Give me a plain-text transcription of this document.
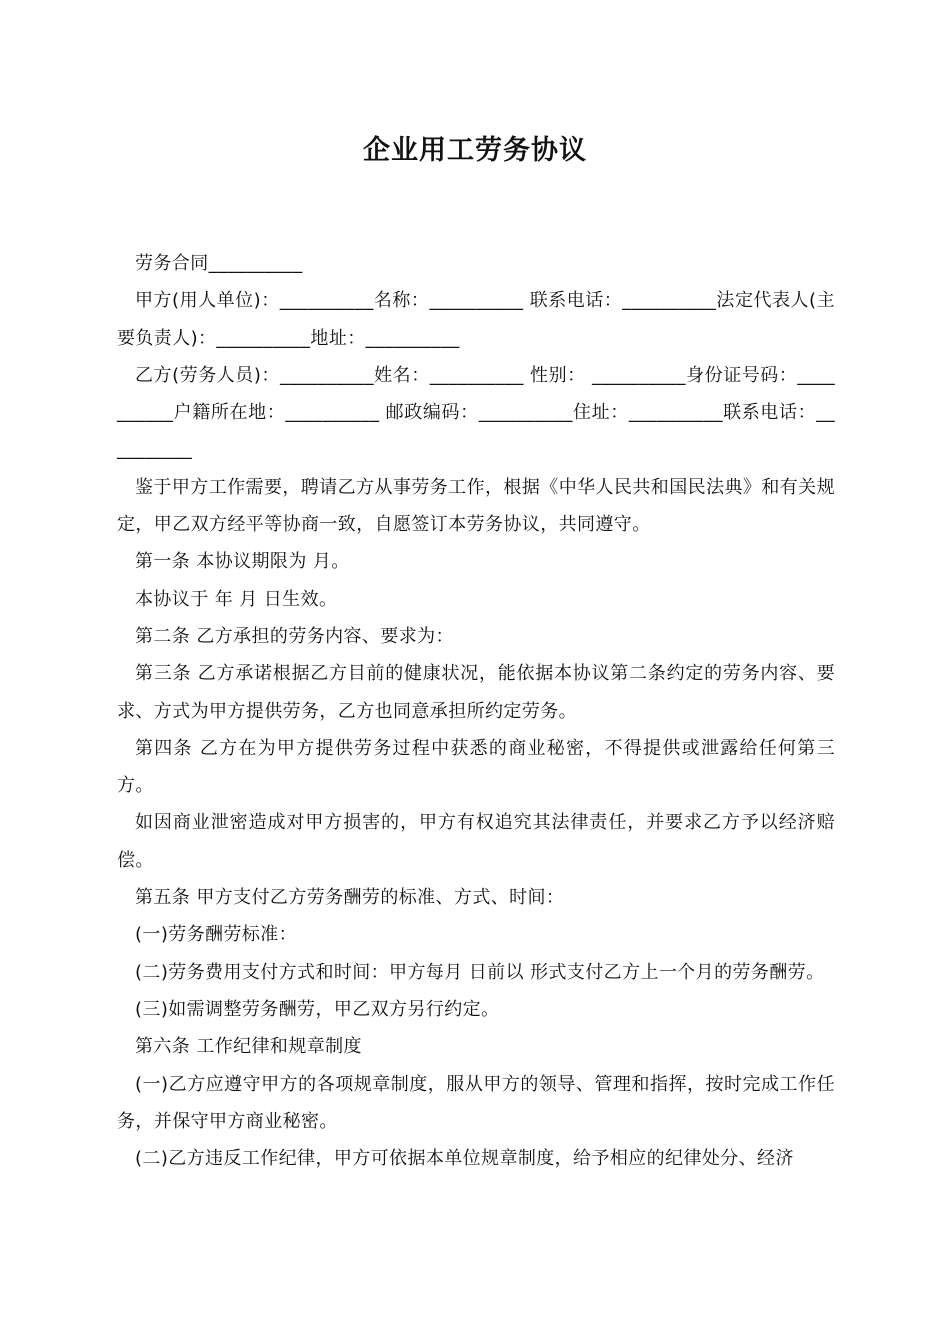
企业用工劳务协议

劳务合同__________

甲方(用人单位)：__________名称：__________ 联系电话：__________法定代表人(主要负责人)：__________地址：__________

乙方(劳务人员)：__________姓名：__________ 性别： __________身份证号码：__________户籍所在地：__________ 邮政编码：__________住址：__________联系电话：__________

鉴于甲方工作需要，聘请乙方从事劳务工作，根据《中华人民共和国民法典》和有关规定，甲乙双方经平等协商一致，自愿签订本劳务协议，共同遵守。

第一条 本协议期限为 月。

本协议于 年 月 日生效。

第二条 乙方承担的劳务内容、要求为：

第三条 乙方承诺根据乙方目前的健康状况，能依据本协议第二条约定的劳务内容、要求、方式为甲方提供劳务，乙方也同意承担所约定劳务。

第四条 乙方在为甲方提供劳务过程中获悉的商业秘密，不得提供或泄露给任何第三方。

如因商业泄密造成对甲方损害的，甲方有权追究其法律责任，并要求乙方予以经济赔偿。

第五条 甲方支付乙方劳务酬劳的标准、方式、时间：

(一)劳务酬劳标准：

(二)劳务费用支付方式和时间：甲方每月 日前以 形式支付乙方上一个月的劳务酬劳。

(三)如需调整劳务酬劳，甲乙双方另行约定。

第六条 工作纪律和规章制度

(一)乙方应遵守甲方的各项规章制度，服从甲方的领导、管理和指挥，按时完成工作任务，并保守甲方商业秘密。

(二)乙方违反工作纪律，甲方可依据本单位规章制度，给予相应的纪律处分、经济
